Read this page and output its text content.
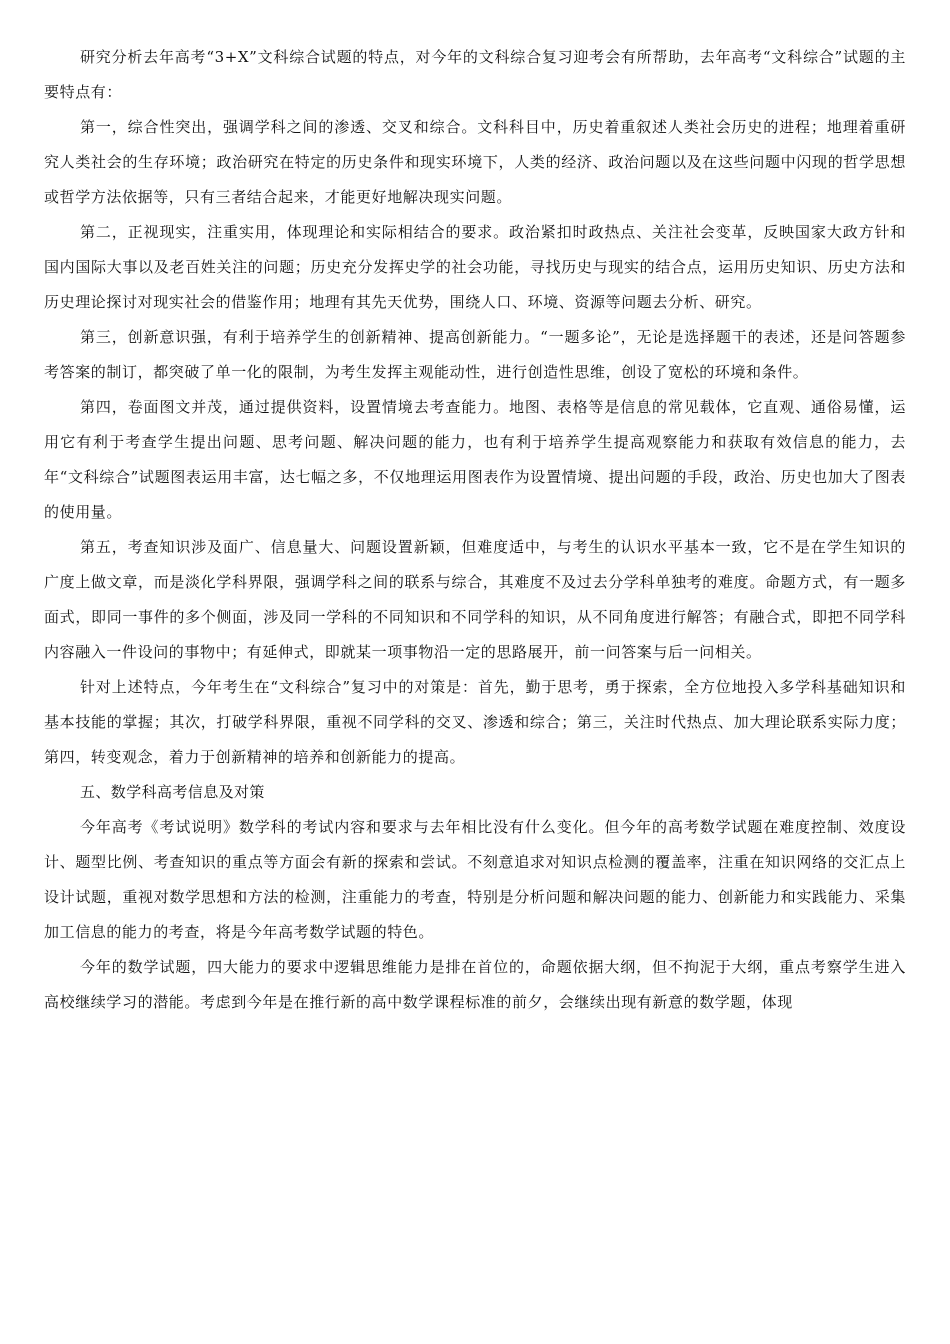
研究分析去年高考“3+X”文科综合试题的特点，对今年的文科综合复习迎考会有所帮助，去年高考“文科综合”试题的主要特点有：

第一，综合性突出，强调学科之间的渗透、交叉和综合。文科科目中，历史着重叙述人类社会历史的进程；地理着重研究人类社会的生存环境；政治研究在特定的历史条件和现实环境下，人类的经济、政治问题以及在这些问题中闪现的哲学思想或哲学方法依据等，只有三者结合起来，才能更好地解决现实问题。

第二，正视现实，注重实用，体现理论和实际相结合的要求。政治紧扣时政热点、关注社会变革，反映国家大政方针和国内国际大事以及老百姓关注的问题；历史充分发挥史学的社会功能，寻找历史与现实的结合点，运用历史知识、历史方法和历史理论探讨对现实社会的借鉴作用；地理有其先天优势，围绕人口、环境、资源等问题去分析、研究。

第三，创新意识强，有利于培养学生的创新精神、提高创新能力。“一题多论”，无论是选择题干的表述，还是问答题参考答案的制订，都突破了单一化的限制，为考生发挥主观能动性，进行创造性思维，创设了宽松的环境和条件。

第四，卷面图文并茂，通过提供资料，设置情境去考查能力。地图、表格等是信息的常见载体，它直观、通俗易懂，运用它有利于考查学生提出问题、思考问题、解决问题的能力，也有利于培养学生提高观察能力和获取有效信息的能力，去年“文科综合”试题图表运用丰富，达七幅之多，不仅地理运用图表作为设置情境、提出问题的手段，政治、历史也加大了图表的使用量。

第五，考查知识涉及面广、信息量大、问题设置新颖，但难度适中，与考生的认识水平基本一致，它不是在学生知识的广度上做文章，而是淡化学科界限，强调学科之间的联系与综合，其难度不及过去分学科单独考的难度。命题方式，有一题多面式，即同一事件的多个侧面，涉及同一学科的不同知识和不同学科的知识，从不同角度进行解答；有融合式，即把不同学科内容融入一件设问的事物中；有延伸式，即就某一项事物沿一定的思路展开，前一问答案与后一问相关。

针对上述特点，今年考生在“文科综合”复习中的对策是：首先，勤于思考，勇于探索，全方位地投入多学科基础知识和基本技能的掌握；其次，打破学科界限，重视不同学科的交叉、渗透和综合；第三，关注时代热点、加大理论联系实际力度；第四，转变观念，着力于创新精神的培养和创新能力的提高。

五、数学科高考信息及对策

今年高考《考试说明》数学科的考试内容和要求与去年相比没有什么变化。但今年的高考数学试题在难度控制、效度设计、题型比例、考查知识的重点等方面会有新的探索和尝试。不刻意追求对知识点检测的覆盖率，注重在知识网络的交汇点上设计试题，重视对数学思想和方法的检测，注重能力的考查，特别是分析问题和解决问题的能力、创新能力和实践能力、采集加工信息的能力的考查，将是今年高考数学试题的特色。

今年的数学试题，四大能力的要求中逻辑思维能力是排在首位的，命题依据大纲，但不拘泥于大纲，重点考察学生进入高校继续学习的潜能。考虑到今年是在推行新的高中数学课程标准的前夕，会继续出现有新意的数学题，体现
